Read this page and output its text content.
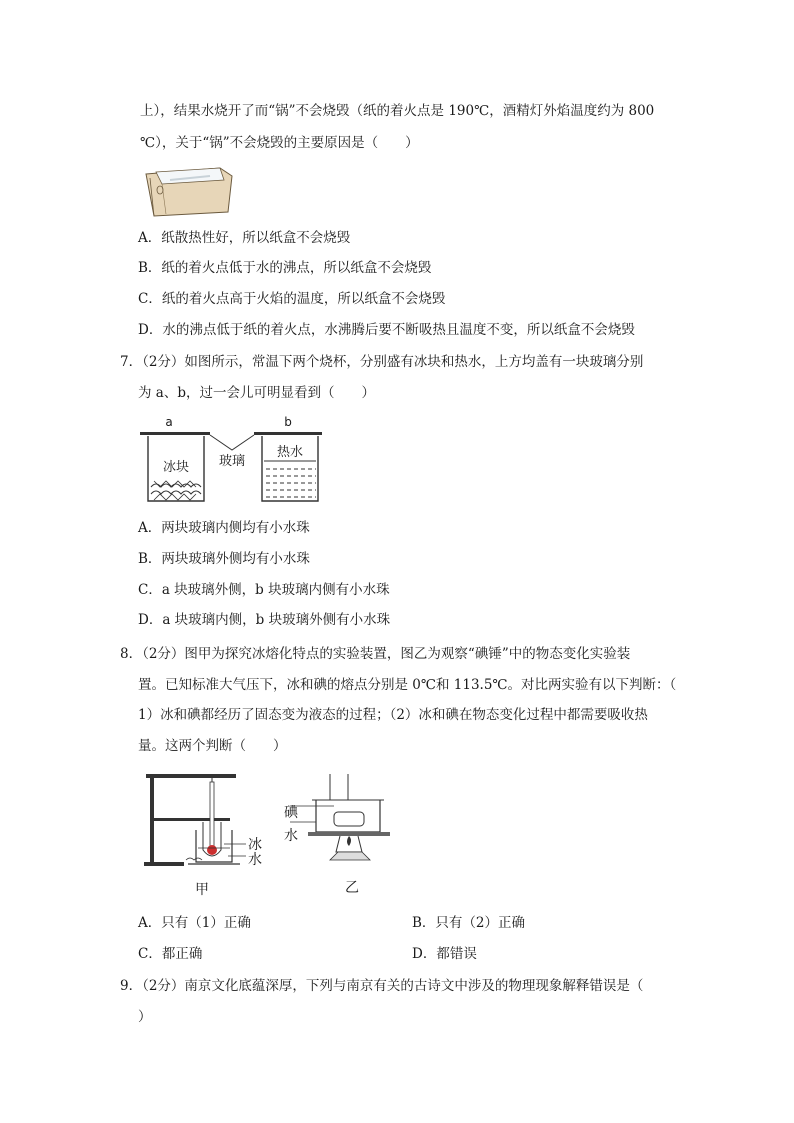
上），结果水烧开了而“锅”不会烧毁（纸的着火点是 190℃，酒精灯外焰温度约为 800
℃），关于“锅”不会烧毁的主要原因是（　　）
A．纸散热性好，所以纸盒不会烧毁
B．纸的着火点低于水的沸点，所以纸盒不会烧毁
C．纸的着火点高于火焰的温度，所以纸盒不会烧毁
D．水的沸点低于纸的着火点，水沸腾后要不断吸热且温度不变，所以纸盒不会烧毁
7．（2分）如图所示，常温下两个烧杯，分别盛有冰块和热水，上方均盖有一块玻璃分别
为 a、b，过一会儿可明显看到（　　）
a	b
玻璃
冰块
热水
A．两块玻璃内侧均有小水珠
B．两块玻璃外侧均有小水珠
C．a 块玻璃外侧，b 块玻璃内侧有小水珠
D．a 块玻璃内侧，b 块玻璃外侧有小水珠
8．（2分）图甲为探究冰熔化特点的实验装置，图乙为观察“碘锤”中的物态变化实验装
置。已知标准大气压下，冰和碘的熔点分别是 0℃和 113.5℃。对比两实验有以下判断：（
1）冰和碘都经历了固态变为液态的过程；（2）冰和碘在物态变化过程中都需要吸收热
量。这两个判断（　　）
冰
水
甲
碘
水
乙
A．只有（1）正确	B．只有（2）正确
C．都正确	D．都错误
9．（2分）南京文化底蕴深厚，下列与南京有关的古诗文中涉及的物理现象解释错误是（
）
